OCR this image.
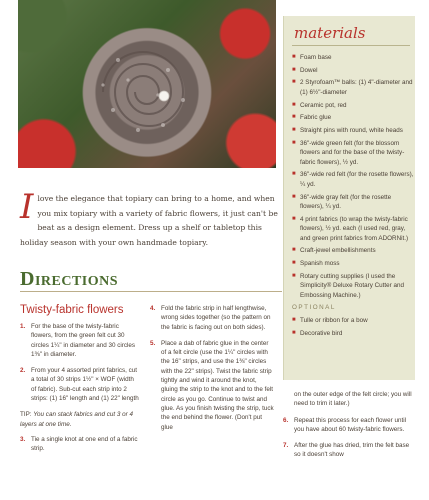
Ilove the elegance that topiary can bring to a home, and when you mix topiary with a variety of fabric flowers, it just can't be beat as a design element. Dress up a shelf or tabletop this holiday season with your own handmade topiary.
Directions
Twisty-fabric flowers
1. For the base of the twisty-fabric flowers, from the green felt cut 30 circles 1¼" in diameter and 30 circles 1⅜" in diameter.
2. From your 4 assorted print fabrics, cut a total of 30 strips 1½" × WOF (width of fabric). Sub-cut each strip into 2 strips: (1) 16" length and (1) 22" length

TIP: You can stack fabrics and cut 3 or 4 layers at one time.

3. Tie a single knot at one end of a fabric strip.
4. Fold the fabric strip in half lengthwise, wrong sides together (so the pattern on the fabric is facing out on both sides).
5. Place a dab of fabric glue in the center of a felt circle (use the 1¼" circles with the 16" strips, and use the 1⅜" circles with the 22" strips). Twist the fabric strip tightly and wind it around the knot, gluing the strip to the knot and to the felt circle as you go. Continue to twist and glue. As you finish twisting the strip, tuck the end behind the flower. (Don't put glue

on the outer edge of the felt circle; you will need to trim it later.)

6. Repeat this process for each flower until you have about 60 twisty-fabric flowers.
7. After the glue has dried, trim the felt base so it doesn't show
materials
■ Foam base
■ Dowel
■ 2 Styrofoam™ balls: (1) 4"-diameter and (1) 6½"-diameter
■ Ceramic pot, red
■ Fabric glue
■ Straight pins with round, white heads
■ 36"-wide green felt (for the blossom flowers and for the base of the twisty-fabric flowers), ½ yd.
■ 36"-wide red felt (for the rosette flowers), ¼ yd.
■ 36"-wide gray felt (for the rosette flowers), ¼ yd.
■ 4 print fabrics (to wrap the twisty-fabric flowers), ½ yd. each (I used red, gray, and green print fabrics from ADORNit.)
■ Craft-jewel embellishments
■ Spanish moss
■ Rotary cutting supplies (I used the Simplicity® Deluxe Rotary Cutter and Embossing Machine.)
OPTIONAL
■ Tulle or ribbon for a bow
■ Decorative bird
